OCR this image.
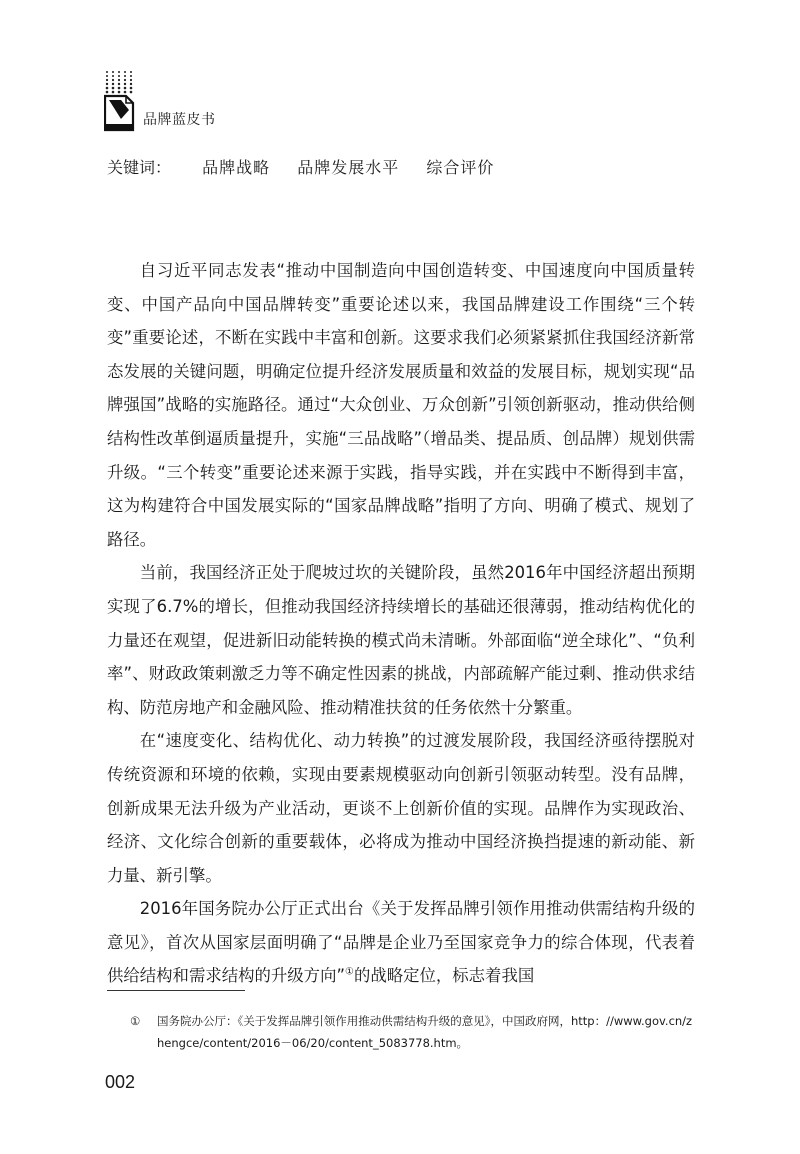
品牌蓝皮书
关键词： 品牌战略 品牌发展水平 综合评价

自习近平同志发表“推动中国制造向中国创造转变、中国速度向中国质量转变、中国产品向中国品牌转变”重要论述以来，我国品牌建设工作围绕“三个转变”重要论述，不断在实践中丰富和创新。这要求我们必须紧紧抓住我国经济新常态发展的关键问题，明确定位提升经济发展质量和效益的发展目标，规划实现“品牌强国”战略的实施路径。通过“大众创业、万众创新”引领创新驱动，推动供给侧结构性改革倒逼质量提升，实施“三品战略”（增品类、提品质、创品牌）规划供需升级。“三个转变”重要论述来源于实践，指导实践，并在实践中不断得到丰富，这为构建符合中国发展实际的“国家品牌战略”指明了方向、明确了模式、规划了路径。

当前，我国经济正处于爬坡过坎的关键阶段，虽然2016年中国经济超出预期实现了6.7%的增长，但推动我国经济持续增长的基础还很薄弱，推动结构优化的力量还在观望，促进新旧动能转换的模式尚未清晰。外部面临“逆全球化”、“负利率”、财政政策刺激乏力等不确定性因素的挑战，内部疏解产能过剩、推动供求结构、防范房地产和金融风险、推动精准扶贫的任务依然十分繁重。

在“速度变化、结构优化、动力转换”的过渡发展阶段，我国经济亟待摆脱对传统资源和环境的依赖，实现由要素规模驱动向创新引领驱动转型。没有品牌，创新成果无法升级为产业活动，更谈不上创新价值的实现。品牌作为实现政治、经济、文化综合创新的重要载体，必将成为推动中国经济换挡提速的新动能、新力量、新引擎。

2016年国务院办公厅正式出台《关于发挥品牌引领作用推动供需结构升级的意见》，首次从国家层面明确了“品牌是企业乃至国家竞争力的综合体现，代表着供给结构和需求结构的升级方向”①的战略定位，标志着我国

① 国务院办公厅：《关于发挥品牌引领作用推动供需结构升级的意见》，中国政府网，http：//www.gov.cn/zhengce/content/2016－06/20/content_5083778.htm。
002
